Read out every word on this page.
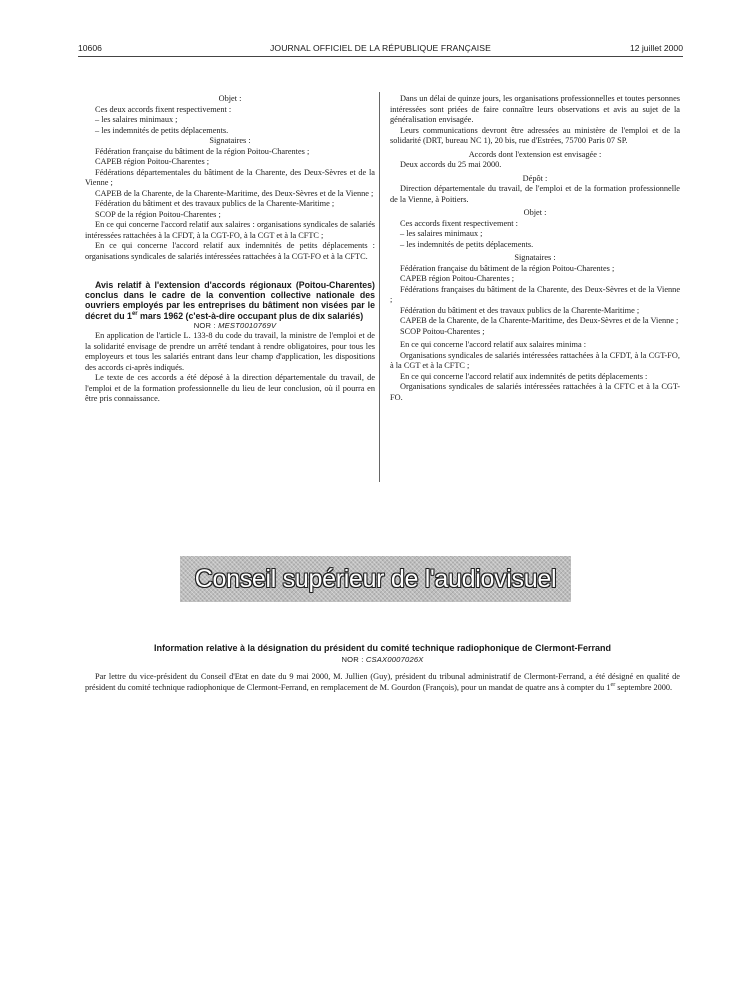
10606	JOURNAL OFFICIEL DE LA RÉPUBLIQUE FRANÇAISE	12 juillet 2000

Objet :

Ces deux accords fixent respectivement :

– les salaires minimaux ;

– les indemnités de petits déplacements.

Signataires :

Fédération française du bâtiment de la région Poitou-Charentes ;

CAPEB région Poitou-Charentes ;

Fédérations départementales du bâtiment de la Charente, des Deux-Sèvres et de la Vienne ;

CAPEB de la Charente, de la Charente-Maritime, des Deux-Sèvres et de la Vienne ;

Fédération du bâtiment et des travaux publics de la Charente-Maritime ;

SCOP de la région Poitou-Charentes ;

En ce qui concerne l'accord relatif aux salaires : organisations syndicales de salariés intéressées rattachées à la CFDT, à la CGT-FO, à la CGT et à la CFTC ;

En ce qui concerne l'accord relatif aux indemnités de petits déplacements : organisations syndicales de salariés intéressées rattachées à la CGT-FO et à la CFTC.

Avis relatif à l'extension d'accords régionaux (Poitou-Charentes) conclus dans le cadre de la convention collective nationale des ouvriers employés par les entreprises du bâtiment non visées par le décret du 1er mars 1962 (c'est-à-dire occupant plus de dix salariés)

NOR : MEST0010769V

En application de l'article L. 133-8 du code du travail, la ministre de l'emploi et de la solidarité envisage de prendre un arrêté tendant à rendre obligatoires, pour tous les employeurs et tous les salariés entrant dans leur champ d'application, les dispositions des accords ci-après indiqués.

Le texte de ces accords a été déposé à la direction départementale du travail, de l'emploi et de la formation professionnelle du lieu de leur conclusion, où il pourra en être pris connaissance.

Dans un délai de quinze jours, les organisations professionnelles et toutes personnes intéressées sont priées de faire connaître leurs observations et avis au sujet de la généralisation envisagée.

Leurs communications devront être adressées au ministère de l'emploi et de la solidarité (DRT, bureau NC 1), 20 bis, rue d'Estrées, 75700 Paris 07 SP.

Accords dont l'extension est envisagée :

Deux accords du 25 mai 2000.

Dépôt :

Direction départementale du travail, de l'emploi et de la formation professionnelle de la Vienne, à Poitiers.

Objet :

Ces accords fixent respectivement :

– les salaires minimaux ;

– les indemnités de petits déplacements.

Signataires :

Fédération française du bâtiment de la région Poitou-Charentes ;

CAPEB région Poitou-Charentes ;

Fédérations françaises du bâtiment de la Charente, des Deux-Sèvres et de la Vienne ;

Fédération du bâtiment et des travaux publics de la Charente-Maritime ;

CAPEB de la Charente, de la Charente-Maritime, des Deux-Sèvres et de la Vienne ;

SCOP Poitou-Charentes ;

En ce qui concerne l'accord relatif aux salaires minima :

Organisations syndicales de salariés intéressées rattachées à la CFDT, à la CGT-FO, à la CGT et à la CFTC ;

En ce qui concerne l'accord relatif aux indemnités de petits déplacements :

Organisations syndicales de salariés intéressées rattachées à la CFTC et à la CGT-FO.

Conseil supérieur de l'audiovisuel

Information relative à la désignation du président du comité technique radiophonique de Clermont-Ferrand

NOR : CSAX0007026X

Par lettre du vice-président du Conseil d'Etat en date du 9 mai 2000, M. Jullien (Guy), président du tribunal administratif de Clermont-Ferrand, a été désigné en qualité de président du comité technique radiophonique de Clermont-Ferrand, en remplacement de M. Gourdon (François), pour un mandat de quatre ans à compter du 1er septembre 2000.
